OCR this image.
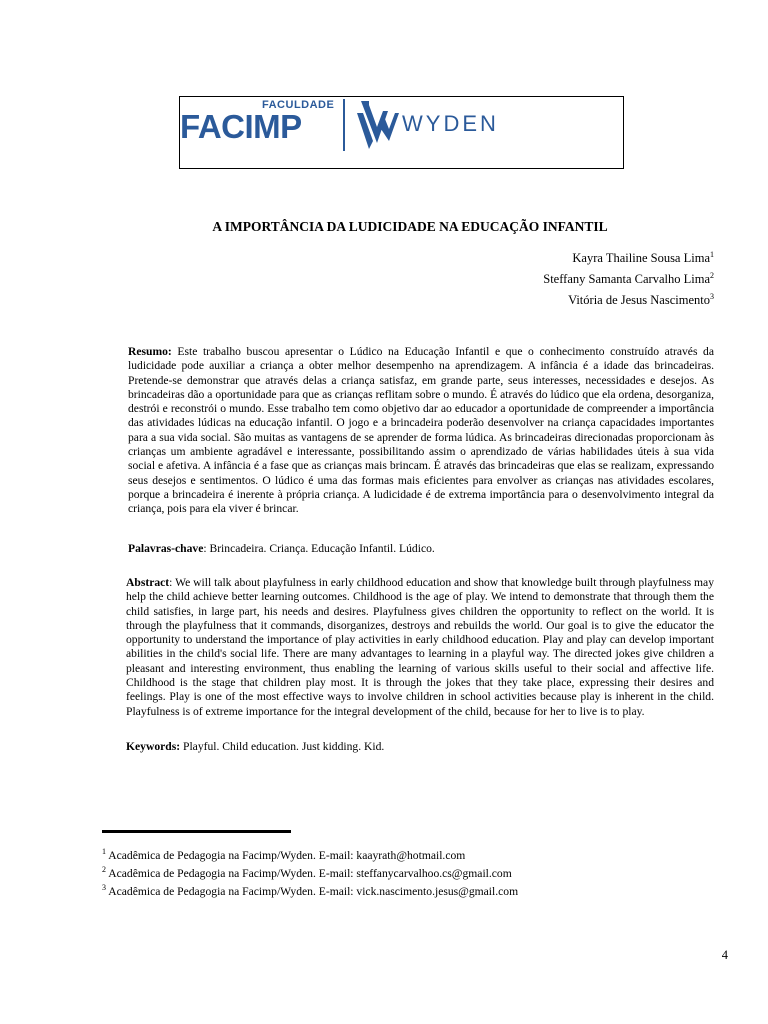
FACULDADE
FACIMP	WYDEN
A IMPORTÂNCIA DA LUDICIDADE NA EDUCAÇÃO INFANTIL
Kayra Thailine Sousa Lima$^1$
Steffany Samanta Carvalho Lima$^2$
Vitória de Jesus Nascimento$^3$
Resumo: Este trabalho buscou apresentar o Lúdico na Educação Infantil e que o conhecimento construído através da ludicidade pode auxiliar a criança a obter melhor desempenho na aprendizagem. A infância é a idade das brincadeiras. Pretende-se demonstrar que através delas a criança satisfaz, em grande parte, seus interesses, necessidades e desejos. As brincadeiras dão a oportunidade para que as crianças reflitam sobre o mundo. É através do lúdico que ela ordena, desorganiza, destrói e reconstrói o mundo. Esse trabalho tem como objetivo dar ao educador a oportunidade de compreender a importância das atividades lúdicas na educação infantil. O jogo e a brincadeira poderão desenvolver na criança capacidades importantes para a sua vida social. São muitas as vantagens de se aprender de forma lúdica. As brincadeiras direcionadas proporcionam às crianças um ambiente agradável e interessante, possibilitando assim o aprendizado de várias habilidades úteis à sua vida social e afetiva. A infância é a fase que as crianças mais brincam. É através das brincadeiras que elas se realizam, expressando seus desejos e sentimentos. O lúdico é uma das formas mais eficientes para envolver as crianças nas atividades escolares, porque a brincadeira é inerente à própria criança. A ludicidade é de extrema importância para o desenvolvimento integral da criança, pois para ela viver é brincar.
Palavras-chave: Brincadeira. Criança. Educação Infantil. Lúdico.
Abstract: We will talk about playfulness in early childhood education and show that knowledge built through playfulness may help the child achieve better learning outcomes. Childhood is the age of play. We intend to demonstrate that through them the child satisfies, in large part, his needs and desires. Playfulness gives children the opportunity to reflect on the world. It is through the playfulness that it commands, disorganizes, destroys and rebuilds the world. Our goal is to give the educator the opportunity to understand the importance of play activities in early childhood education. Play and play can develop important abilities in the child's social life. There are many advantages to learning in a playful way. The directed jokes give children a pleasant and interesting environment, thus enabling the learning of various skills useful to their social and affective life. Childhood is the stage that children play most. It is through the jokes that they take place, expressing their desires and feelings. Play is one of the most effective ways to involve children in school activities because play is inherent in the child. Playfulness is of extreme importance for the integral development of the child, because for her to live is to play.
Keywords: Playful. Child education. Just kidding. Kid.
$^1$ Acadêmica de Pedagogia na Facimp/Wyden. E-mail: kaayrath@hotmail.com
$^2$ Acadêmica de Pedagogia na Facimp/Wyden. E-mail: steffanycarvalhoo.cs@gmail.com
$^3$ Acadêmica de Pedagogia na Facimp/Wyden. E-mail: vick.nascimento.jesus@gmail.com
4
